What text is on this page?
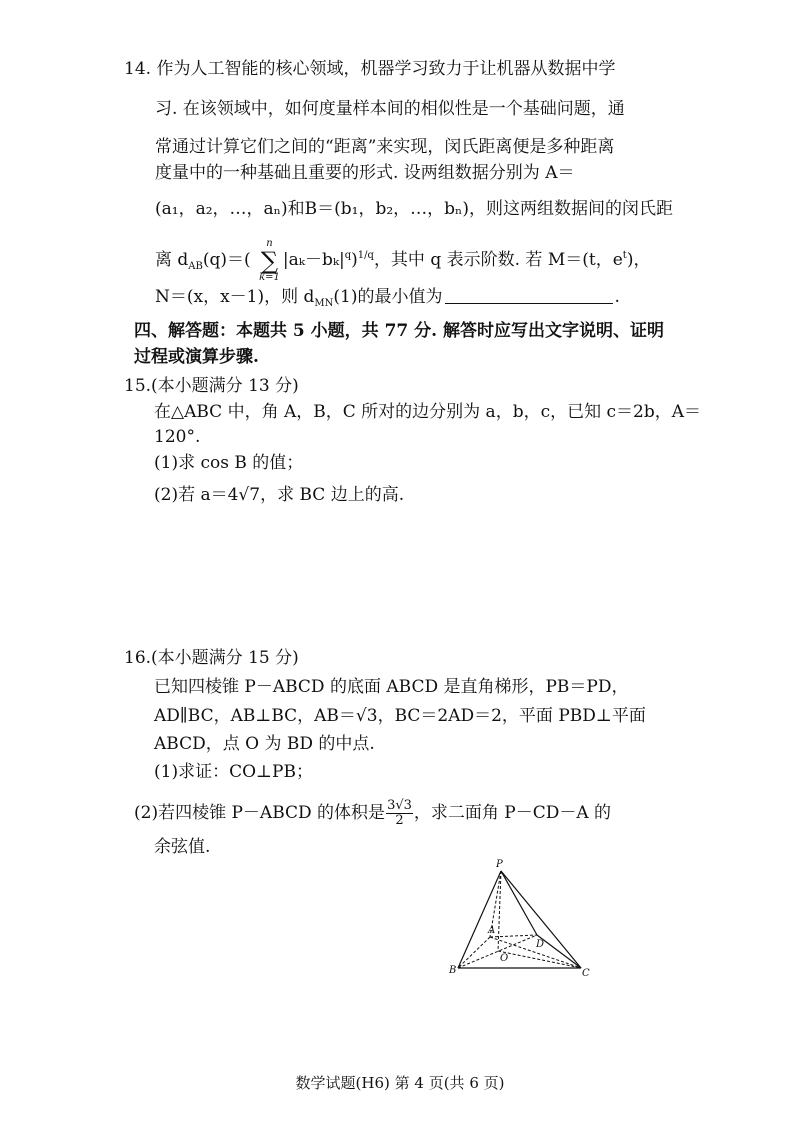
14. 作为人工智能的核心领域，机器学习致力于让机器从数据中学
习. 在该领域中，如何度量样本间的相似性是一个基础问题，通
常通过计算它们之间的“距离”来实现，闵氏距离便是多种距离
度量中的一种基础且重要的形式. 设两组数据分别为 A＝
(a₁，a₂，…，aₙ)和B＝(b₁，b₂，…，bₙ)，则这两组数据间的闵氏距
离 $d_{AB}(q)=$(
n
∑
k=1
$|a_k-b_k|^q)^{1/q}$，其中 q 表示阶数. 若 M＝(t，$e^t$)，
N＝(x，x－1)，则 $d_{MN}(1)$的最小值为	.
四、解答题：本题共 5 小题，共 77 分. 解答时应写出文字说明、证明
过程或演算步骤.
15.(本小题满分 13 分)
在△ABC 中，角 A，B，C 所对的边分别为 a，b，c，已知 c＝2b，A＝
120°.
(1)求 cos B 的值；
(2)若 a＝4√7，求 BC 边上的高.
16.(本小题满分 15 分)
已知四棱锥 P－ABCD 的底面 ABCD 是直角梯形，PB＝PD，
AD∥BC，AB⊥BC，AB＝√3，BC＝2AD＝2，平面 PBD⊥平面
ABCD，点 O 为 BD 的中点.
(1)求证：CO⊥PB；
(2)若四棱锥 P－ABCD 的体积是 $\frac{3√3}{2}$ ，求二面角 P－CD－A 的
余弦值.
P
A
D
O
B	C
数学试题(H6) 第 4 页(共 6 页)
